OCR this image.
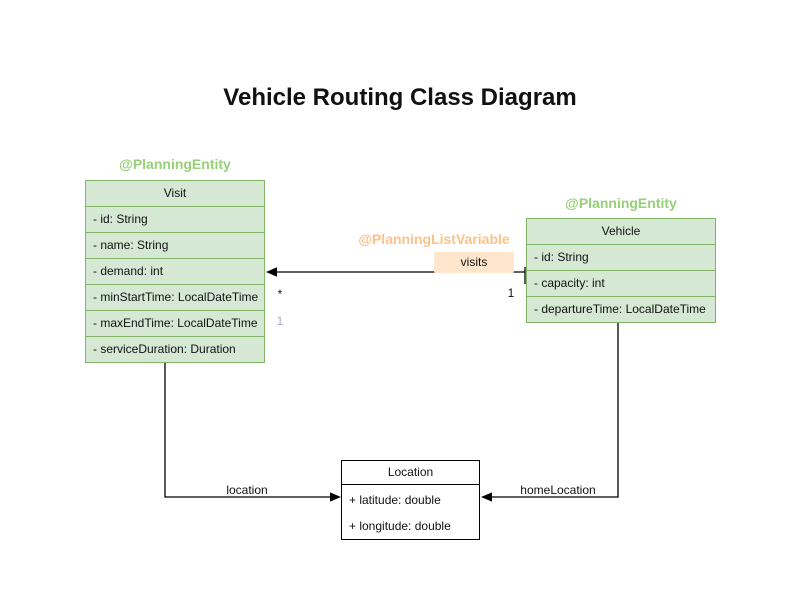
Vehicle Routing Class Diagram
@PlanningEntity
Visit
- id: String
- name: String
- demand: int
- minStartTime: LocalDateTime
- maxEndTime: LocalDateTime
- serviceDuration: Duration
@PlanningEntity
Vehicle
- id: String
- capacity: int
- departureTime: LocalDateTime
Location
+ latitude: double
+ longitude: double
@PlanningListVariable
visits
*	1
1
location	homeLocation
